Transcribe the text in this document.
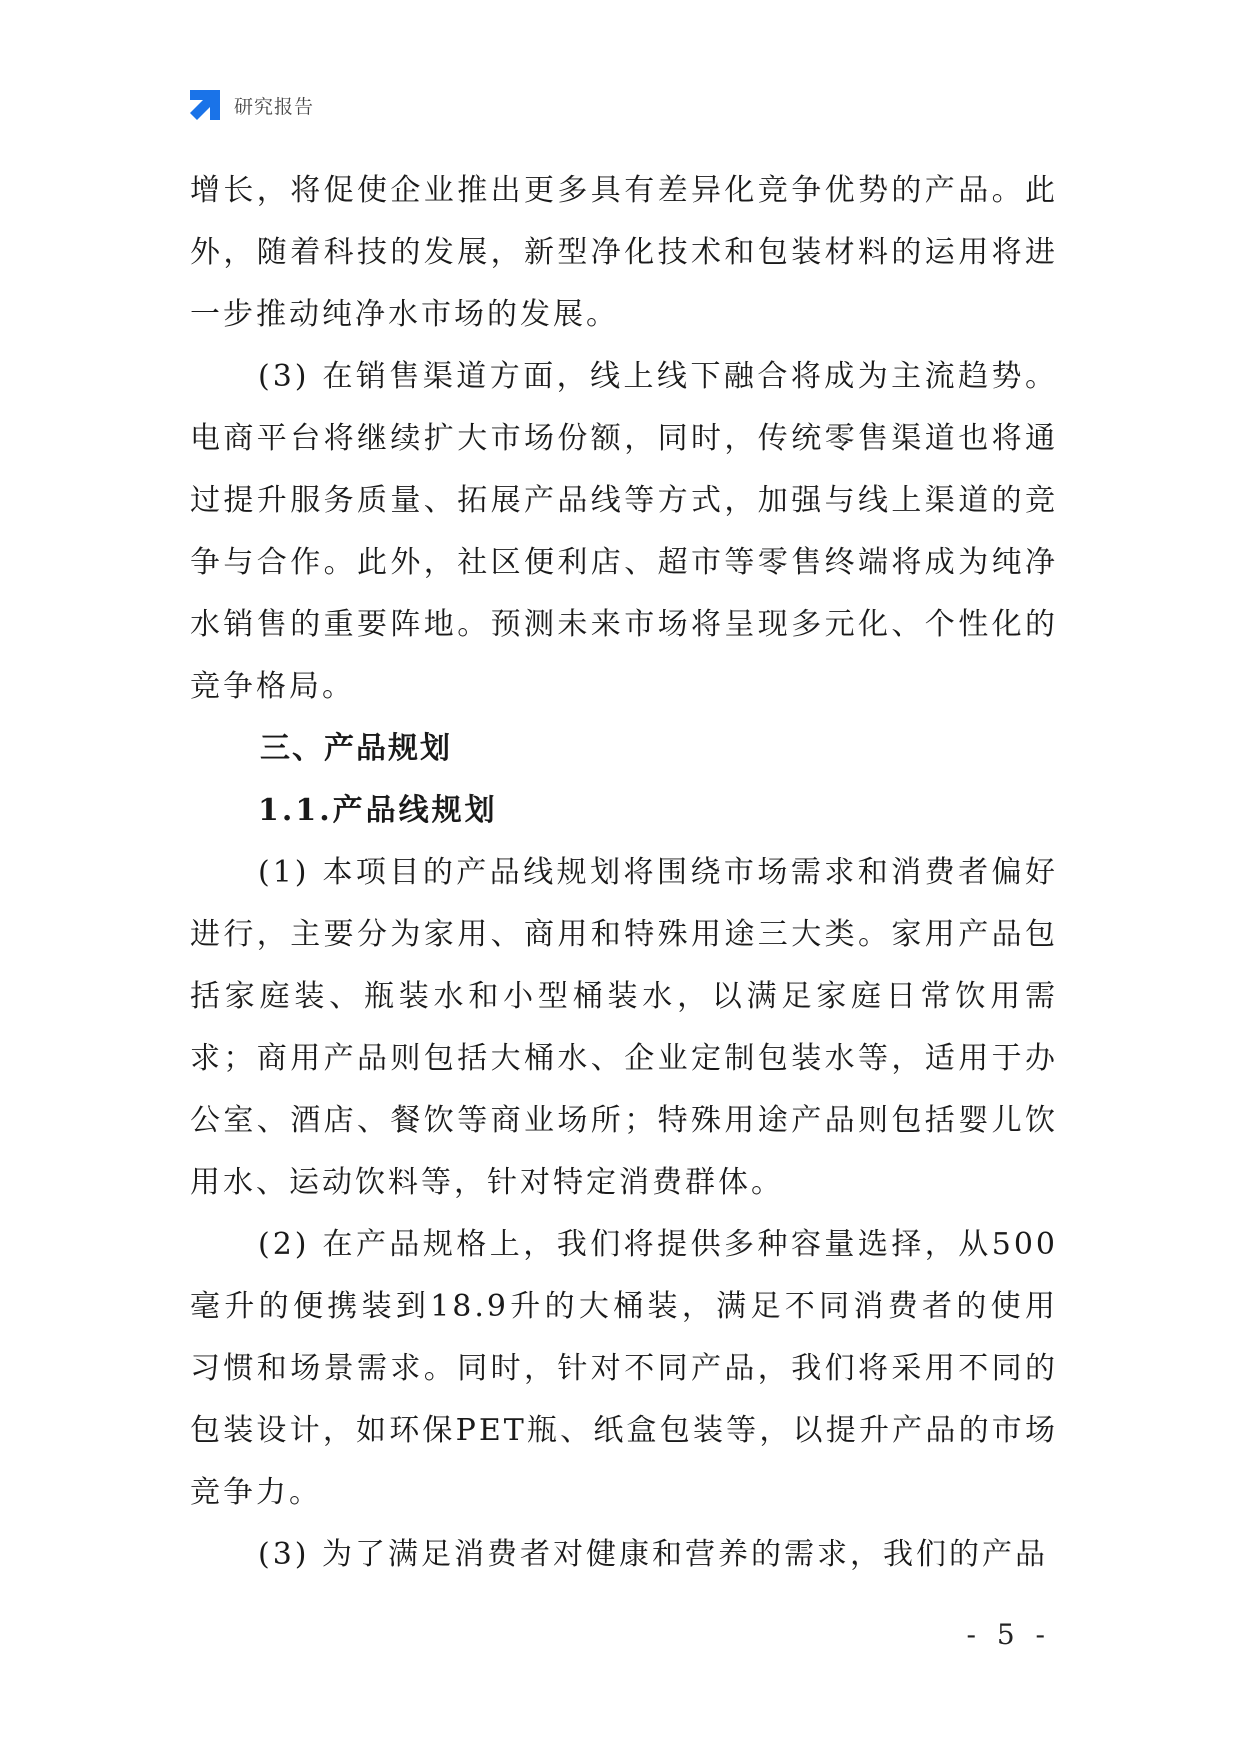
研究报告

增长，将促使企业推出更多具有差异化竞争优势的产品。此外，随着科技的发展，新型净化技术和包装材料的运用将进一步推动纯净水市场的发展。

(3) 在销售渠道方面，线上线下融合将成为主流趋势。电商平台将继续扩大市场份额，同时，传统零售渠道也将通过提升服务质量、拓展产品线等方式，加强与线上渠道的竞争与合作。此外，社区便利店、超市等零售终端将成为纯净水销售的重要阵地。预测未来市场将呈现多元化、个性化的竞争格局。

三、产品规划
1.1.产品线规划

(1) 本项目的产品线规划将围绕市场需求和消费者偏好进行，主要分为家用、商用和特殊用途三大类。家用产品包括家庭装、瓶装水和小型桶装水，以满足家庭日常饮用需求；商用产品则包括大桶水、企业定制包装水等，适用于办公室、酒店、餐饮等商业场所；特殊用途产品则包括婴儿饮用水、运动饮料等，针对特定消费群体。

(2) 在产品规格上，我们将提供多种容量选择，从500毫升的便携装到18.9升的大桶装，满足不同消费者的使用习惯和场景需求。同时，针对不同产品，我们将采用不同的包装设计，如环保PET瓶、纸盒包装等，以提升产品的市场竞争力。

(3) 为了满足消费者对健康和营养的需求，我们的产品

- 5 -
